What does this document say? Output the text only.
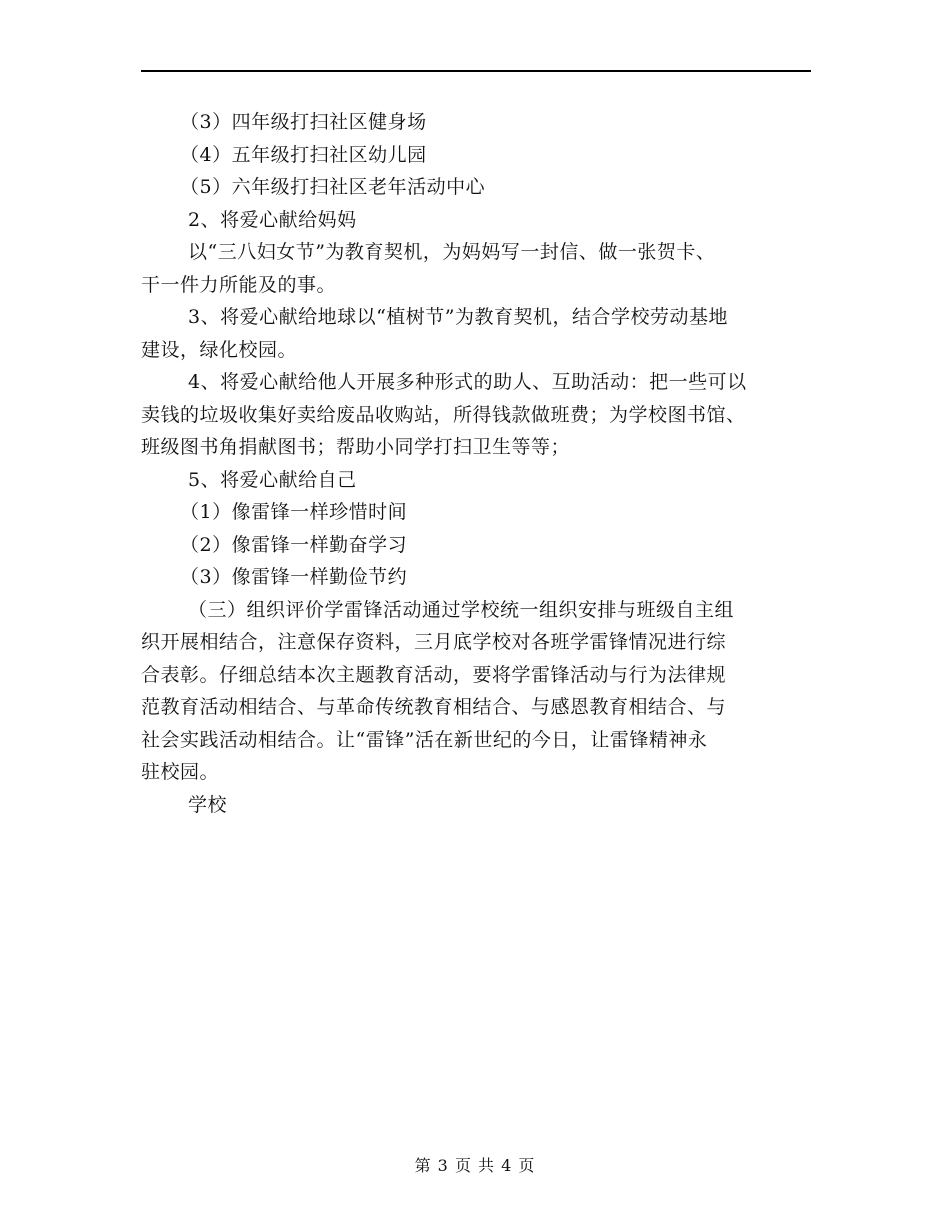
（3）四年级打扫社区健身场
（4）五年级打扫社区幼儿园
（5）六年级打扫社区老年活动中心
2、将爱心献给妈妈
以“三八妇女节”为教育契机，为妈妈写一封信、做一张贺卡、
干一件力所能及的事。
3、将爱心献给地球以“植树节”为教育契机，结合学校劳动基地
建设，绿化校园。
4、将爱心献给他人开展多种形式的助人、互助活动：把一些可以
卖钱的垃圾收集好卖给废品收购站，所得钱款做班费；为学校图书馆、
班级图书角捐献图书；帮助小同学打扫卫生等等；
5、将爱心献给自己
（1）像雷锋一样珍惜时间
（2）像雷锋一样勤奋学习
（3）像雷锋一样勤俭节约
（三）组织评价学雷锋活动通过学校统一组织安排与班级自主组
织开展相结合，注意保存资料，三月底学校对各班学雷锋情况进行综
合表彰。仔细总结本次主题教育活动，要将学雷锋活动与行为法律规
范教育活动相结合、与革命传统教育相结合、与感恩教育相结合、与
社会实践活动相结合。让“雷锋”活在新世纪的今日，让雷锋精神永
驻校园。
学校
第 3 页 共 4 页
